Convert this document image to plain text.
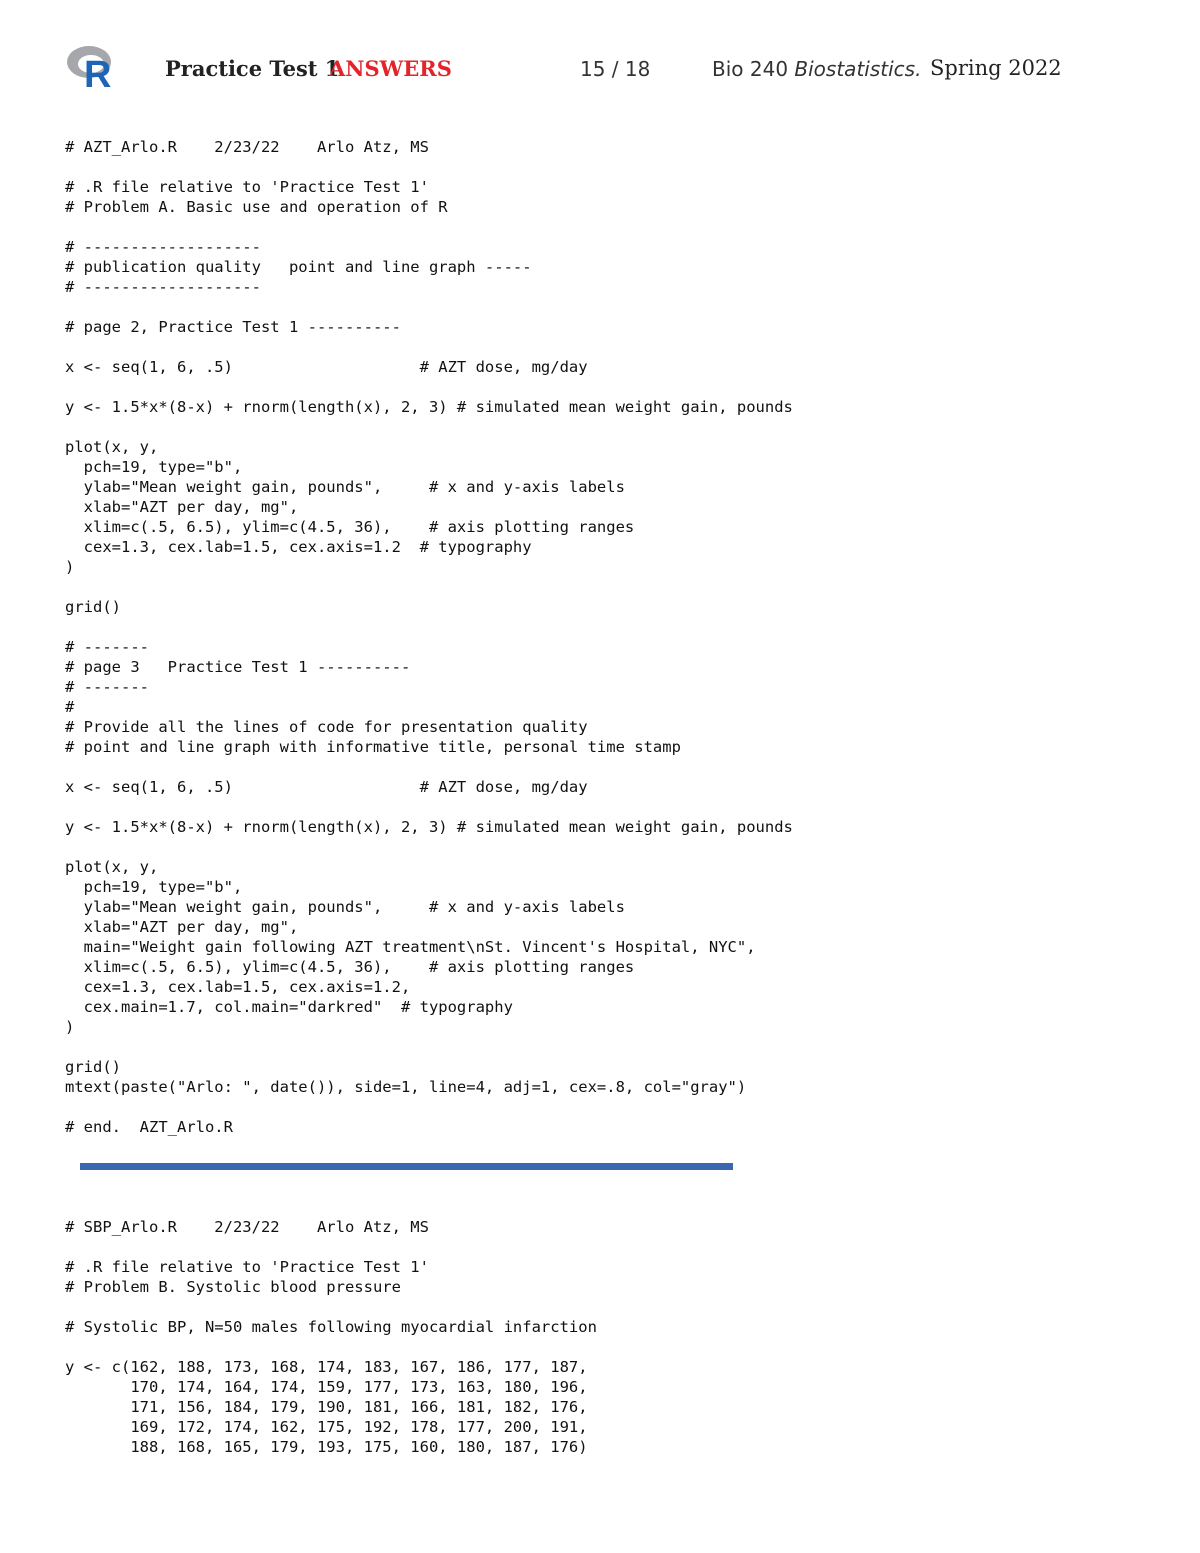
R	Practice Test 1
ANSWERS	15 / 18	Bio 240 Biostatistics. Spring 2022
# AZT_Arlo.R    2/23/22    Arlo Atz, MS

# .R file relative to 'Practice Test 1'
# Problem A. Basic use and operation of R

# -------------------
# publication quality   point and line graph -----
# -------------------

# page 2, Practice Test 1 ----------

x <- seq(1, 6, .5)                    # AZT dose, mg/day

y <- 1.5*x*(8-x) + rnorm(length(x), 2, 3) # simulated mean weight gain, pounds

plot(x, y,
pch=19, type="b",
ylab="Mean weight gain, pounds",     # x and y-axis labels
xlab="AZT per day, mg",
xlim=c(.5, 6.5), ylim=c(4.5, 36),    # axis plotting ranges
cex=1.3, cex.lab=1.5, cex.axis=1.2  # typography
)

grid()

# -------
# page 3   Practice Test 1 ----------
# -------
#
# Provide all the lines of code for presentation quality
# point and line graph with informative title, personal time stamp

x <- seq(1, 6, .5)                    # AZT dose, mg/day

y <- 1.5*x*(8-x) + rnorm(length(x), 2, 3) # simulated mean weight gain, pounds

plot(x, y,
pch=19, type="b",
ylab="Mean weight gain, pounds",     # x and y-axis labels
xlab="AZT per day, mg",
main="Weight gain following AZT treatment\nSt. Vincent's Hospital, NYC",
xlim=c(.5, 6.5), ylim=c(4.5, 36),    # axis plotting ranges
cex=1.3, cex.lab=1.5, cex.axis=1.2,
cex.main=1.7, col.main="darkred"  # typography
)

grid()
mtext(paste("Arlo: ", date()), side=1, line=4, adj=1, cex=.8, col="gray")

# end.  AZT_Arlo.R
# SBP_Arlo.R    2/23/22    Arlo Atz, MS

# .R file relative to 'Practice Test 1'
# Problem B. Systolic blood pressure

# Systolic BP, N=50 males following myocardial infarction

y <- c(162, 188, 173, 168, 174, 183, 167, 186, 177, 187,
170, 174, 164, 174, 159, 177, 173, 163, 180, 196,
171, 156, 184, 179, 190, 181, 166, 181, 182, 176,
169, 172, 174, 162, 175, 192, 178, 177, 200, 191,
188, 168, 165, 179, 193, 175, 160, 180, 187, 176)
